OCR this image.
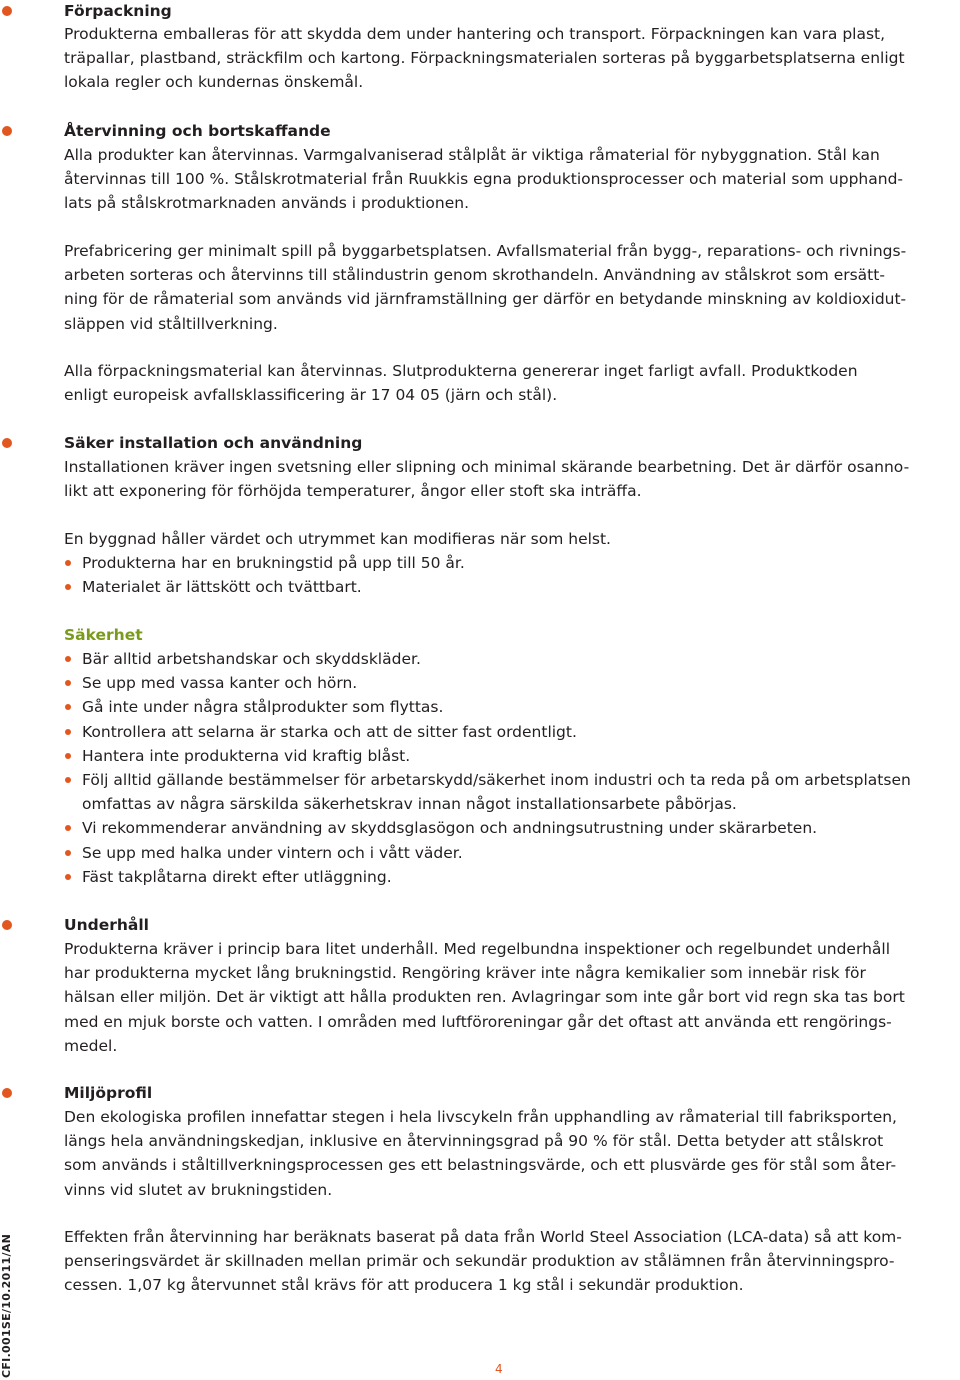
Förpackning
Produkterna emballeras för att skydda dem under hantering och transport. Förpackningen kan vara plast,
träpallar, plastband, sträckfilm och kartong. Förpackningsmaterialen sorteras på byggarbetsplatserna enligt
lokala regler och kundernas önskemål.
Återvinning och bortskaffande
Alla produkter kan återvinnas. Varmgalvaniserad stålplåt är viktiga råmaterial för nybyggnation. Stål kan
återvinnas till 100 %. Stålskrotmaterial från Ruukkis egna produktionsprocesser och material som upphand-
lats på stålskrotmarknaden används i produktionen.
Prefabricering ger minimalt spill på byggarbetsplatsen. Avfallsmaterial från bygg-, reparations- och rivnings-
arbeten sorteras och återvinns till stålindustrin genom skrothandeln. Användning av stålskrot som ersätt-
ning för de råmaterial som används vid järnframställning ger därför en betydande minskning av koldioxidut-
släppen vid ståltillverkning.
Alla förpackningsmaterial kan återvinnas. Slutprodukterna genererar inget farligt avfall. Produktkoden
enligt europeisk avfallsklassificering är 17 04 05 (järn och stål).
Säker installation och användning
Installationen kräver ingen svetsning eller slipning och minimal skärande bearbetning. Det är därför osanno-
likt att exponering för förhöjda temperaturer, ångor eller stoft ska inträffa.
En byggnad håller värdet och utrymmet kan modifieras när som helst.
Produkterna har en brukningstid på upp till 50 år.
Materialet är lättskött och tvättbart.
Säkerhet
Bär alltid arbetshandskar och skyddskläder.
Se upp med vassa kanter och hörn.
Gå inte under några stålprodukter som flyttas.
Kontrollera att selarna är starka och att de sitter fast ordentligt.
Hantera inte produkterna vid kraftig blåst.
Följ alltid gällande bestämmelser för arbetarskydd/säkerhet inom industri och ta reda på om arbetsplatsen
omfattas av några särskilda säkerhetskrav innan något installationsarbete påbörjas.
Vi rekommenderar användning av skyddsglasögon och andningsutrustning under skärarbeten.
Se upp med halka under vintern och i vått väder.
Fäst takplåtarna direkt efter utläggning.
Underhåll
Produkterna kräver i princip bara litet underhåll. Med regelbundna inspektioner och regelbundet underhåll
har produkterna mycket lång brukningstid. Rengöring kräver inte några kemikalier som innebär risk för
hälsan eller miljön. Det är viktigt att hålla produkten ren. Avlagringar som inte går bort vid regn ska tas bort
med en mjuk borste och vatten. I områden med luftföroreningar går det oftast att använda ett rengörings-
medel.
Miljöprofil
Den ekologiska profilen innefattar stegen i hela livscykeln från upphandling av råmaterial till fabriksporten,
längs hela användningskedjan, inklusive en återvinningsgrad på 90 % för stål. Detta betyder att stålskrot
som används i ståltillverkningsprocessen ges ett belastningsvärde, och ett plusvärde ges för stål som åter-
vinns vid slutet av brukningstiden.
Effekten från återvinning har beräknats baserat på data från World Steel Association (LCA-data) så att kom-
penseringsvärdet är skillnaden mellan primär och sekundär produktion av stålämnen från återvinningspro-
cessen. 1,07 kg återvunnet stål krävs för att producera 1 kg stål i sekundär produktion.
CFI.001SE/10.2011/AN	4
